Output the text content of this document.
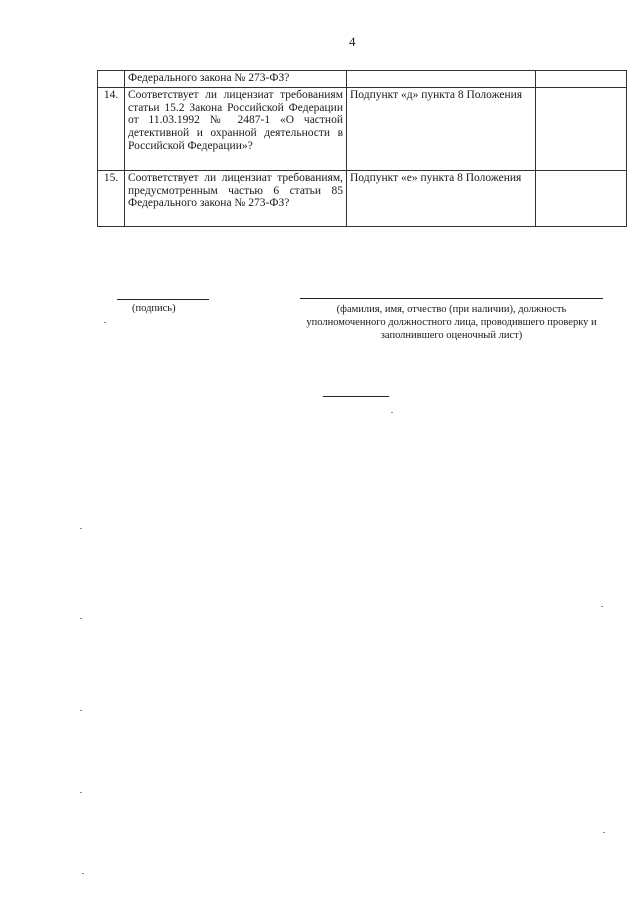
4
	Федерального закона № 273-ФЗ?		
14.	Соответствует ли лицензиат требованиям статьи 15.2 Закона Российской Федерации от 11.03.1992 № 2487-1 «О частной детективной и охранной деятельности в Российской Федерации»?	Подпункт «д» пункта 8 Положения	
15.	Соответствует ли лицензиат требованиям, предусмотренным частью 6 статьи 85 Федерального закона № 273-ФЗ?	Подпункт «е» пункта 8 Положения	
(подпись)	(фамилия, имя, отчество (при наличии), должность уполномоченного должностного лица, проводившего проверку и заполнившего оценочный лист)
